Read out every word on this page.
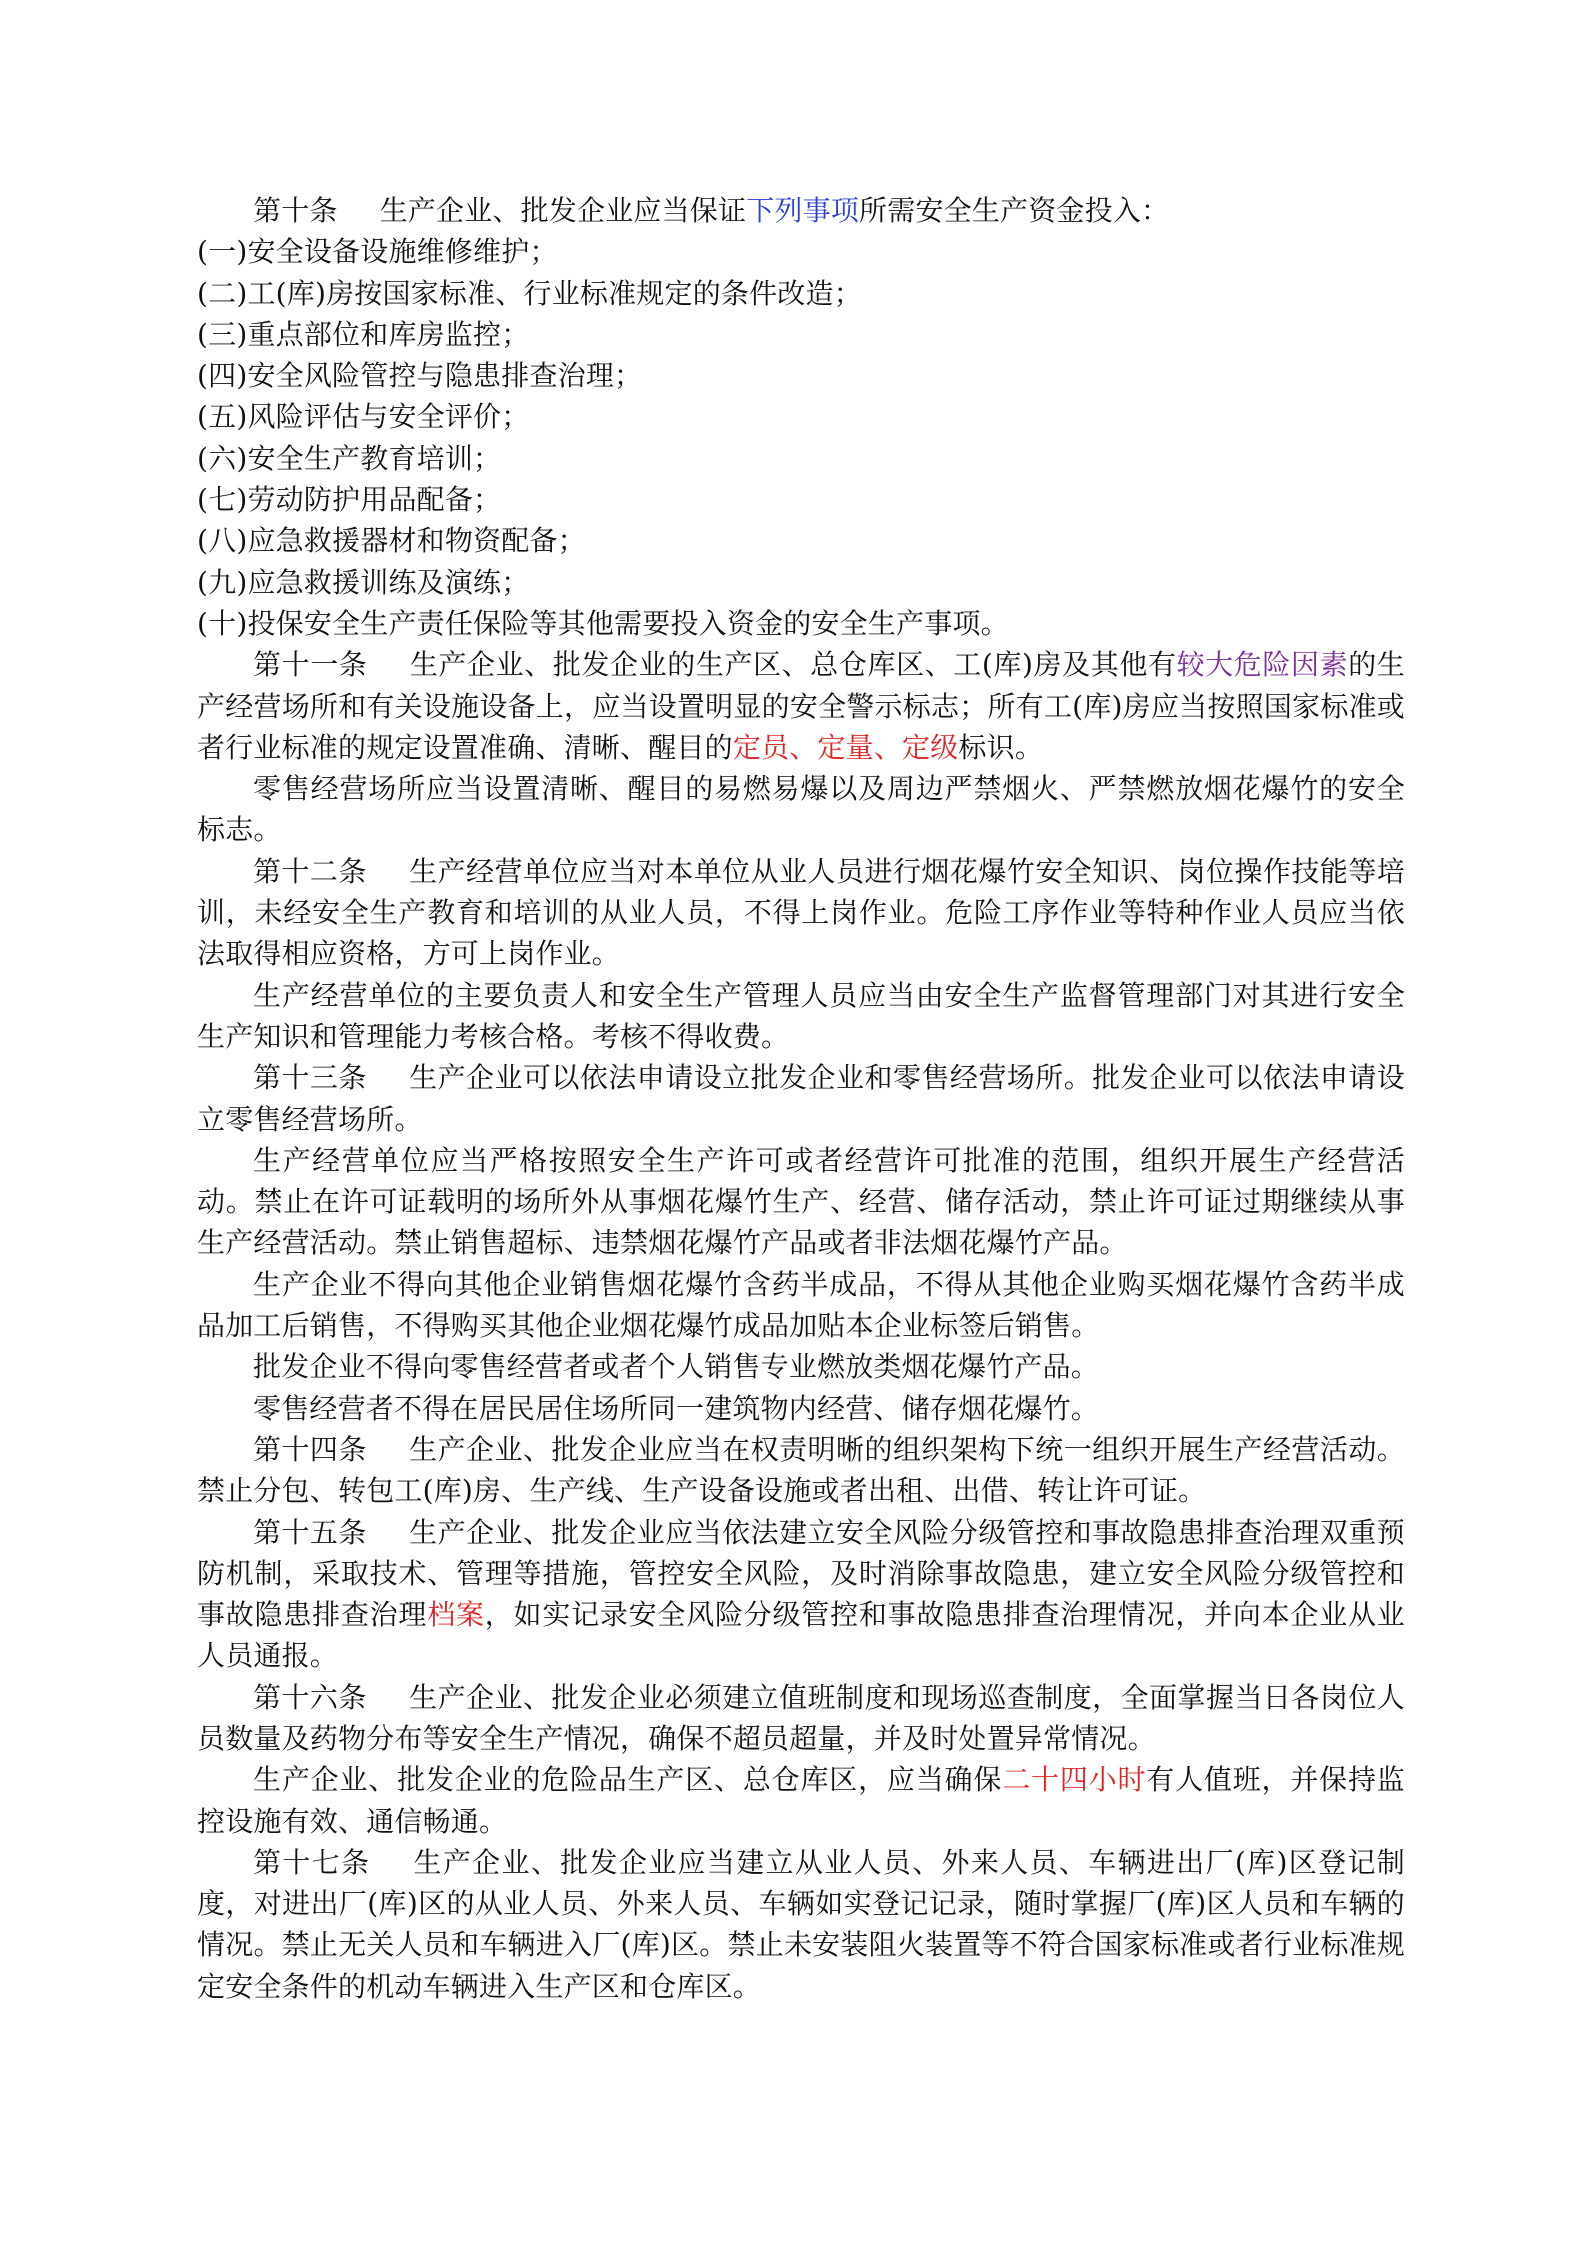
第十条 生产企业、批发企业应当保证下列事项所需安全生产资金投入：

(一)安全设备设施维修维护；

(二)工(库)房按国家标准、行业标准规定的条件改造；

(三)重点部位和库房监控；

(四)安全风险管控与隐患排查治理；

(五)风险评估与安全评价；

(六)安全生产教育培训；

(七)劳动防护用品配备；

(八)应急救援器材和物资配备；

(九)应急救援训练及演练；

(十)投保安全生产责任保险等其他需要投入资金的安全生产事项。

第十一条 生产企业、批发企业的生产区、总仓库区、工(库)房及其他有较大危险因素的生产经营场所和有关设施设备上，应当设置明显的安全警示标志；所有工(库)房应当按照国家标准或者行业标准的规定设置准确、清晰、醒目的定员、定量、定级标识。

零售经营场所应当设置清晰、醒目的易燃易爆以及周边严禁烟火、严禁燃放烟花爆竹的安全标志。

第十二条 生产经营单位应当对本单位从业人员进行烟花爆竹安全知识、岗位操作技能等培训，未经安全生产教育和培训的从业人员，不得上岗作业。危险工序作业等特种作业人员应当依法取得相应资格，方可上岗作业。

生产经营单位的主要负责人和安全生产管理人员应当由安全生产监督管理部门对其进行安全生产知识和管理能力考核合格。考核不得收费。

第十三条 生产企业可以依法申请设立批发企业和零售经营场所。批发企业可以依法申请设立零售经营场所。

生产经营单位应当严格按照安全生产许可或者经营许可批准的范围，组织开展生产经营活动。禁止在许可证载明的场所外从事烟花爆竹生产、经营、储存活动，禁止许可证过期继续从事生产经营活动。禁止销售超标、违禁烟花爆竹产品或者非法烟花爆竹产品。

生产企业不得向其他企业销售烟花爆竹含药半成品，不得从其他企业购买烟花爆竹含药半成品加工后销售，不得购买其他企业烟花爆竹成品加贴本企业标签后销售。

批发企业不得向零售经营者或者个人销售专业燃放类烟花爆竹产品。

零售经营者不得在居民居住场所同一建筑物内经营、储存烟花爆竹。

第十四条 生产企业、批发企业应当在权责明晰的组织架构下统一组织开展生产经营活动。禁止分包、转包工(库)房、生产线、生产设备设施或者出租、出借、转让许可证。

第十五条 生产企业、批发企业应当依法建立安全风险分级管控和事故隐患排查治理双重预防机制，采取技术、管理等措施，管控安全风险，及时消除事故隐患，建立安全风险分级管控和事故隐患排查治理档案，如实记录安全风险分级管控和事故隐患排查治理情况，并向本企业从业人员通报。

第十六条 生产企业、批发企业必须建立值班制度和现场巡查制度，全面掌握当日各岗位人员数量及药物分布等安全生产情况，确保不超员超量，并及时处置异常情况。

生产企业、批发企业的危险品生产区、总仓库区，应当确保二十四小时有人值班，并保持监控设施有效、通信畅通。

第十七条 生产企业、批发企业应当建立从业人员、外来人员、车辆进出厂(库)区登记制度，对进出厂(库)区的从业人员、外来人员、车辆如实登记记录，随时掌握厂(库)区人员和车辆的情况。禁止无关人员和车辆进入厂(库)区。禁止未安装阻火装置等不符合国家标准或者行业标准规定安全条件的机动车辆进入生产区和仓库区。
